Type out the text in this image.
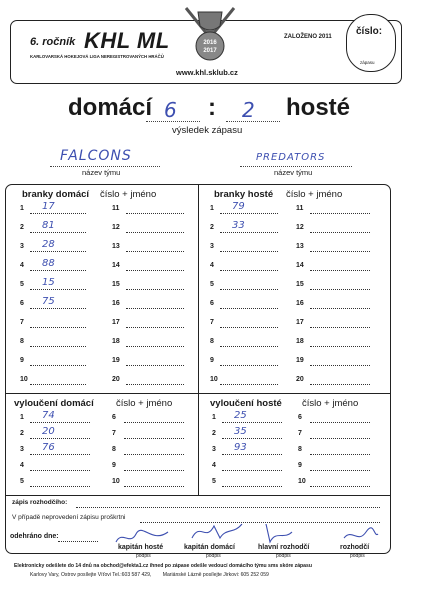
6. ročník KHL ML
KARLOVARSKÁ HOKEJOVÁ LIGA NEREGISTROVANÝCH HRÁČŮ
2016
2017
www.khl.sklub.cz
ZALOŽENO 2011 číslo:
zápasu
domácí 6 : 2 hosté
výsledek zápasu
FALCONS
název týmu
PREDATORS
název týmu
branky domácí číslo + jméno	branky hosté číslo + jméno
1 17	11
2 81	12
3 28	13
4 88	14
5 15	15
6 75	16
7	17
8	18
9	19
10	20
1 79	11
2 33	12
3	13
4	14
5	15
6	16
7	17
8	18
9	19
10	20
vyloučení domácí číslo + jméno	vyloučení hosté číslo + jméno
1 74	6
2 20	7
3 76	8
4	9
5	10
1 25	6
2 35	7
3 93	8
4	9
5	10
zápis rozhodčího:
V případě neprovedení zápisu proškrtni
odehráno dne:
kapitán hosté
podpis
kapitán domácí
podpis
hlavní rozhodčí
podpis
rozhodčí
podpis
Elektronicky odešlete do 14 dnů na obchod@efekta1.cz ihned po zápase odešle vedoucí domácího týmu sms skóre zápasu
Karlovy Vary, Ostrov posílejte Víťovi Tel.:603 587 429,        Mariánské Lázně posílejte Jirkovi: 605 252 059
